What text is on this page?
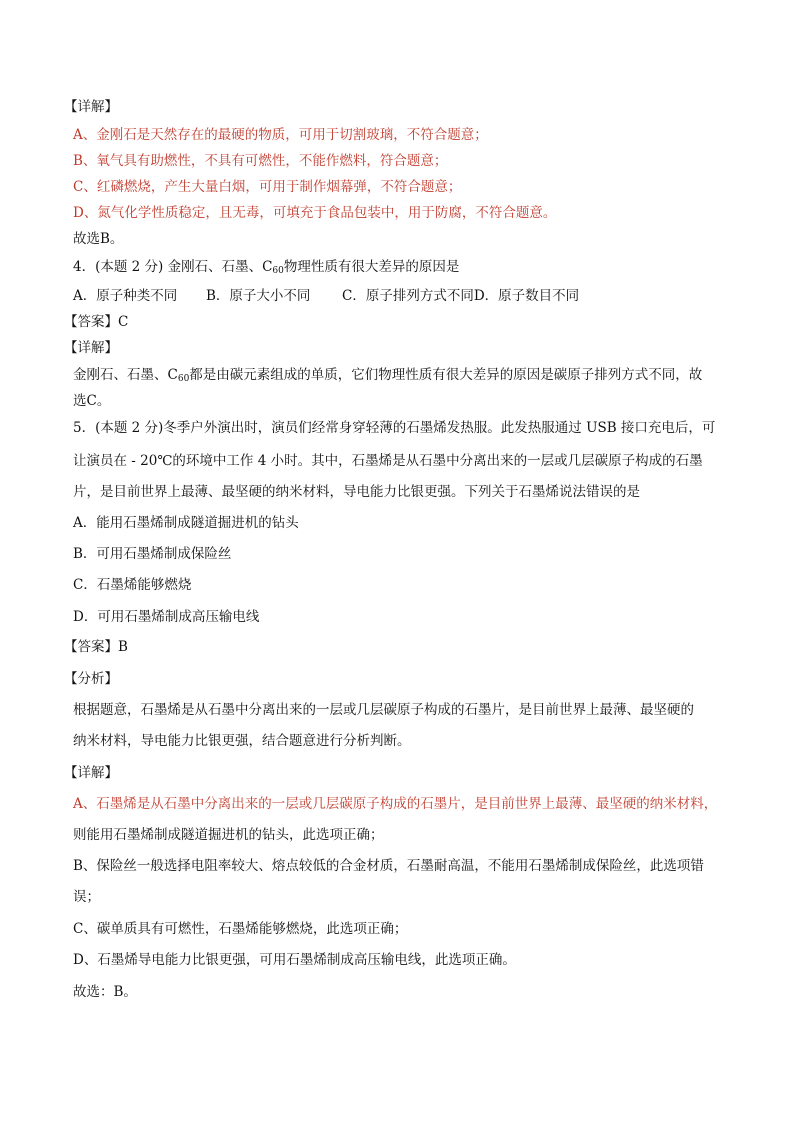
【详解】
A、金刚石是天然存在的最硬的物质，可用于切割玻璃，不符合题意；
B、氧气具有助燃性，不具有可燃性，不能作燃料，符合题意；
C、红磷燃烧，产生大量白烟，可用于制作烟幕弹，不符合题意；
D、氮气化学性质稳定，且无毒，可填充于食品包装中，用于防腐，不符合题意。
故选B。
4．(本题 2 分) 金刚石、石墨、$C_{60}$物理性质有很大差异的原因是
A．原子种类不同 B．原子大小不同 C．原子排列方式不同D．原子数目不同
【答案】C
【详解】
金刚石、石墨、$C_{60}$都是由碳元素组成的单质，它们物理性质有很大差异的原因是碳原子排列方式不同，故
选C。
5．(本题 2 分)冬季户外演出时，演员们经常身穿轻薄的石墨烯发热服。此发热服通过 USB 接口充电后，可
让演员在 - 20℃的环境中工作 4 小时。其中，石墨烯是从石墨中分离出来的一层或几层碳原子构成的石墨
片，是目前世界上最薄、最坚硬的纳米材料，导电能力比银更强。下列关于石墨烯说法错误的是
A．能用石墨烯制成隧道掘进机的钻头
B．可用石墨烯制成保险丝
C．石墨烯能够燃烧
D．可用石墨烯制成高压输电线
【答案】B
【分析】
根据题意，石墨烯是从石墨中分离出来的一层或几层碳原子构成的石墨片，是目前世界上最薄、最坚硬的
纳米材料，导电能力比银更强，结合题意进行分析判断。
【详解】
A、石墨烯是从石墨中分离出来的一层或几层碳原子构成的石墨片，是目前世界上最薄、最坚硬的纳米材料，
则能用石墨烯制成隧道掘进机的钻头，此选项正确；
B、保险丝一般选择电阻率较大、熔点较低的合金材质，石墨耐高温，不能用石墨烯制成保险丝，此选项错
误；
C、碳单质具有可燃性，石墨烯能够燃烧，此选项正确；
D、石墨烯导电能力比银更强，可用石墨烯制成高压输电线，此选项正确。
故选：B。
